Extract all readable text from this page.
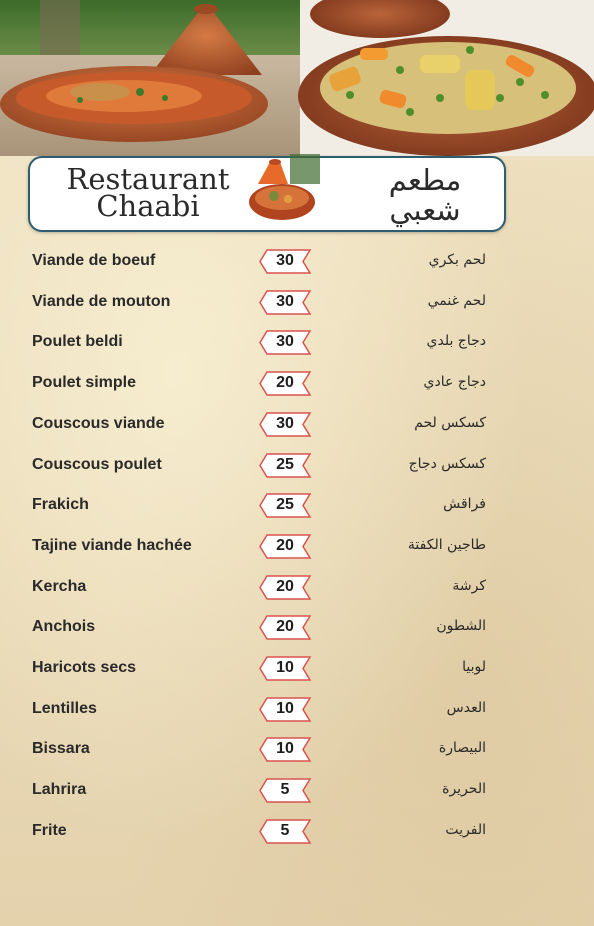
Restaurant
Chaabi
مطعم
شعبي
Viande de boeuf	30	لحم بكري
Viande de mouton	30	لحم غنمي
Poulet beldi	30	دجاج بلدي
Poulet simple	20	دجاج عادي
Couscous viande	30	كسكس لحم
Couscous poulet	25	كسكس دجاج
Frakich	25	فراقش
Tajine viande hachée	20	طاجين الكفتة
Kercha	20	كرشة
Anchois	20	الشطون
Haricots secs	10	لوبيا
Lentilles	10	العدس
Bissara	10	البيصارة
Lahrira	5	الحريرة
Frite	5	الفريت
